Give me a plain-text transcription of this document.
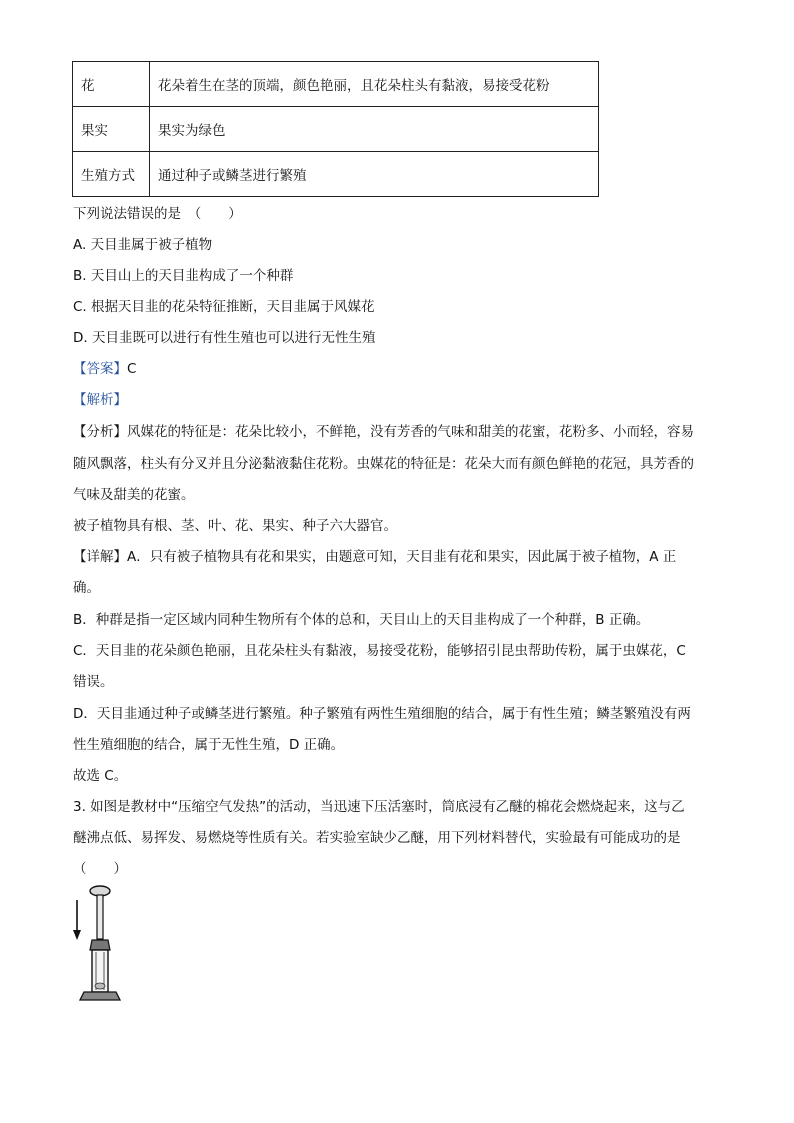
花	花朵着生在茎的顶端，颜色艳丽，且花朵柱头有黏液，易接受花粉
果实	果实为绿色
生殖方式	通过种子或鳞茎进行繁殖
下列说法错误的是　（　　）
A. 天目韭属于被子植物
B. 天目山上的天目韭构成了一个种群
C. 根据天目韭的花朵特征推断，天目韭属于风媒花
D. 天目韭既可以进行有性生殖也可以进行无性生殖
【答案】C
【解析】
【分析】风媒花的特征是：花朵比较小，不鲜艳，没有芳香的气味和甜美的花蜜，花粉多、小而轻，容易
随风飘落，柱头有分叉并且分泌黏液黏住花粉。虫媒花的特征是：花朵大而有颜色鲜艳的花冠，具芳香的
气味及甜美的花蜜。
被子植物具有根、茎、叶、花、果实、种子六大器官。
【详解】A．只有被子植物具有花和果实，由题意可知，天目韭有花和果实，因此属于被子植物，A 正
确。
B．种群是指一定区域内同种生物所有个体的总和，天目山上的天目韭构成了一个种群，B 正确。
C．天目韭的花朵颜色艳丽，且花朵柱头有黏液，易接受花粉，能够招引昆虫帮助传粉，属于虫媒花，C
错误。
D．天目韭通过种子或鳞茎进行繁殖。种子繁殖有两性生殖细胞的结合，属于有性生殖；鳞茎繁殖没有两
性生殖细胞的结合，属于无性生殖，D 正确。
故选 C。
3. 如图是教材中“压缩空气发热”的活动，当迅速下压活塞时，筒底浸有乙醚的棉花会燃烧起来，这与乙
醚沸点低、易挥发、易燃烧等性质有关。若实验室缺少乙醚，用下列材料替代，实验最有可能成功的是
（　　）
